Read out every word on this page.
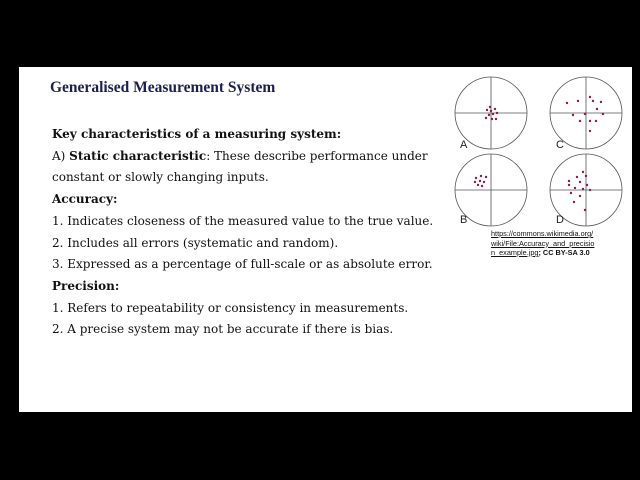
Generalised Measurement System
Key characteristics of a measuring system:
A) Static characteristic: These describe performance under
constant or slowly changing inputs.
Accuracy:
1. Indicates closeness of the measured value to the true value.
2. Includes all errors (systematic and random).
3. Expressed as a percentage of full-scale or as absolute error.
Precision:
1. Refers to repeatability or consistency in measurements.
2. A precise system may not be accurate if there is bias.
A	C
B	D
https://commons.wikimedia.org/
wiki/File:Accuracy_and_precisio
n_example.jpg; CC BY-SA 3.0
